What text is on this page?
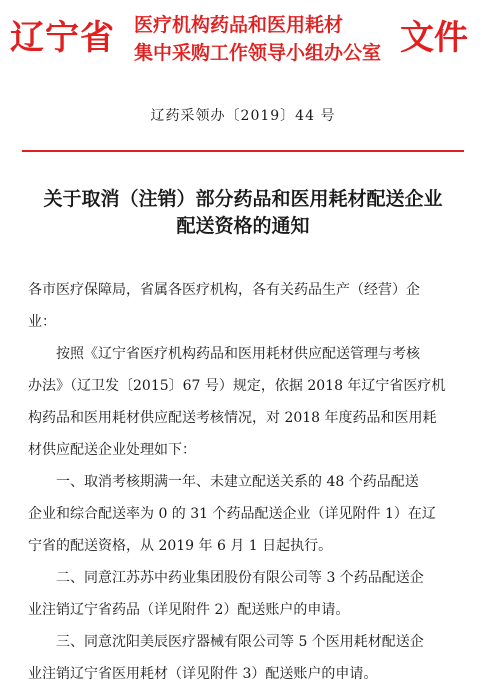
辽宁省	医疗机构药品和医用耗材
集中采购工作领导小组办公室 文件
辽药采领办〔2019〕44 号
关于取消（注销）部分药品和医用耗材配送企业
配送资格的通知
各市医疗保障局，省属各医疗机构，各有关药品生产（经营）企
业：
按照《辽宁省医疗机构药品和医用耗材供应配送管理与考核
办法》（辽卫发〔2015〕67 号）规定，依据 2018 年辽宁省医疗机
构药品和医用耗材供应配送考核情况，对 2018 年度药品和医用耗
材供应配送企业处理如下：
一、取消考核期满一年、未建立配送关系的 48 个药品配送
企业和综合配送率为 0 的 31 个药品配送企业（详见附件 1）在辽
宁省的配送资格，从 2019 年 6 月 1 日起执行。
二、同意江苏苏中药业集团股份有限公司等 3 个药品配送企
业注销辽宁省药品（详见附件 2）配送账户的申请。
三、同意沈阳美辰医疗器械有限公司等 5 个医用耗材配送企
业注销辽宁省医用耗材（详见附件 3）配送账户的申请。
